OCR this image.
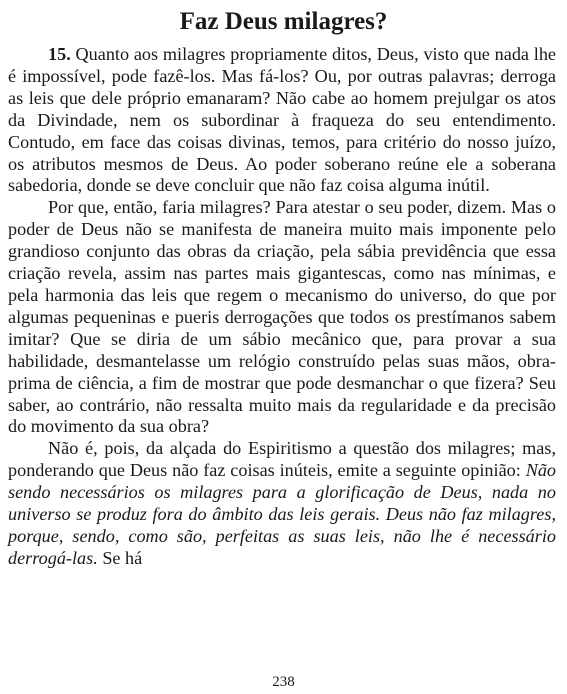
Faz Deus milagres?

15. Quanto aos milagres propriamente ditos, Deus, visto que nada lhe é impossível, pode fazê-los. Mas fá-los? Ou, por outras palavras; derroga as leis que dele próprio emanaram? Não cabe ao homem prejulgar os atos da Divindade, nem os subordinar à fraqueza do seu entendimento. Contudo, em face das coisas divinas, temos, para critério do nosso juízo, os atributos mesmos de Deus. Ao poder soberano reúne ele a soberana sabedoria, donde se deve concluir que não faz coisa alguma inútil.

Por que, então, faria milagres? Para atestar o seu poder, dizem. Mas o poder de Deus não se manifesta de maneira muito mais imponente pelo grandioso conjunto das obras da criação, pela sábia previdência que essa criação revela, assim nas partes mais gigantescas, como nas mínimas, e pela harmonia das leis que regem o mecanismo do universo, do que por algumas pequeninas e pueris derrogações que todos os prestímanos sabem imitar? Que se diria de um sábio mecânico que, para provar a sua habilidade, desmantelasse um relógio construído pelas suas mãos, obra-prima de ciência, a fim de mostrar que pode desmanchar o que fizera? Seu saber, ao contrário, não ressalta muito mais da regularidade e da precisão do movimento da sua obra?

Não é, pois, da alçada do Espiritismo a questão dos milagres; mas, ponderando que Deus não faz coisas inúteis, emite a seguinte opinião: Não sendo necessários os milagres para a glorificação de Deus, nada no universo se produz fora do âmbito das leis gerais. Deus não faz milagres, porque, sendo, como são, perfeitas as suas leis, não lhe é necessário derrogá-las. Se há

238
